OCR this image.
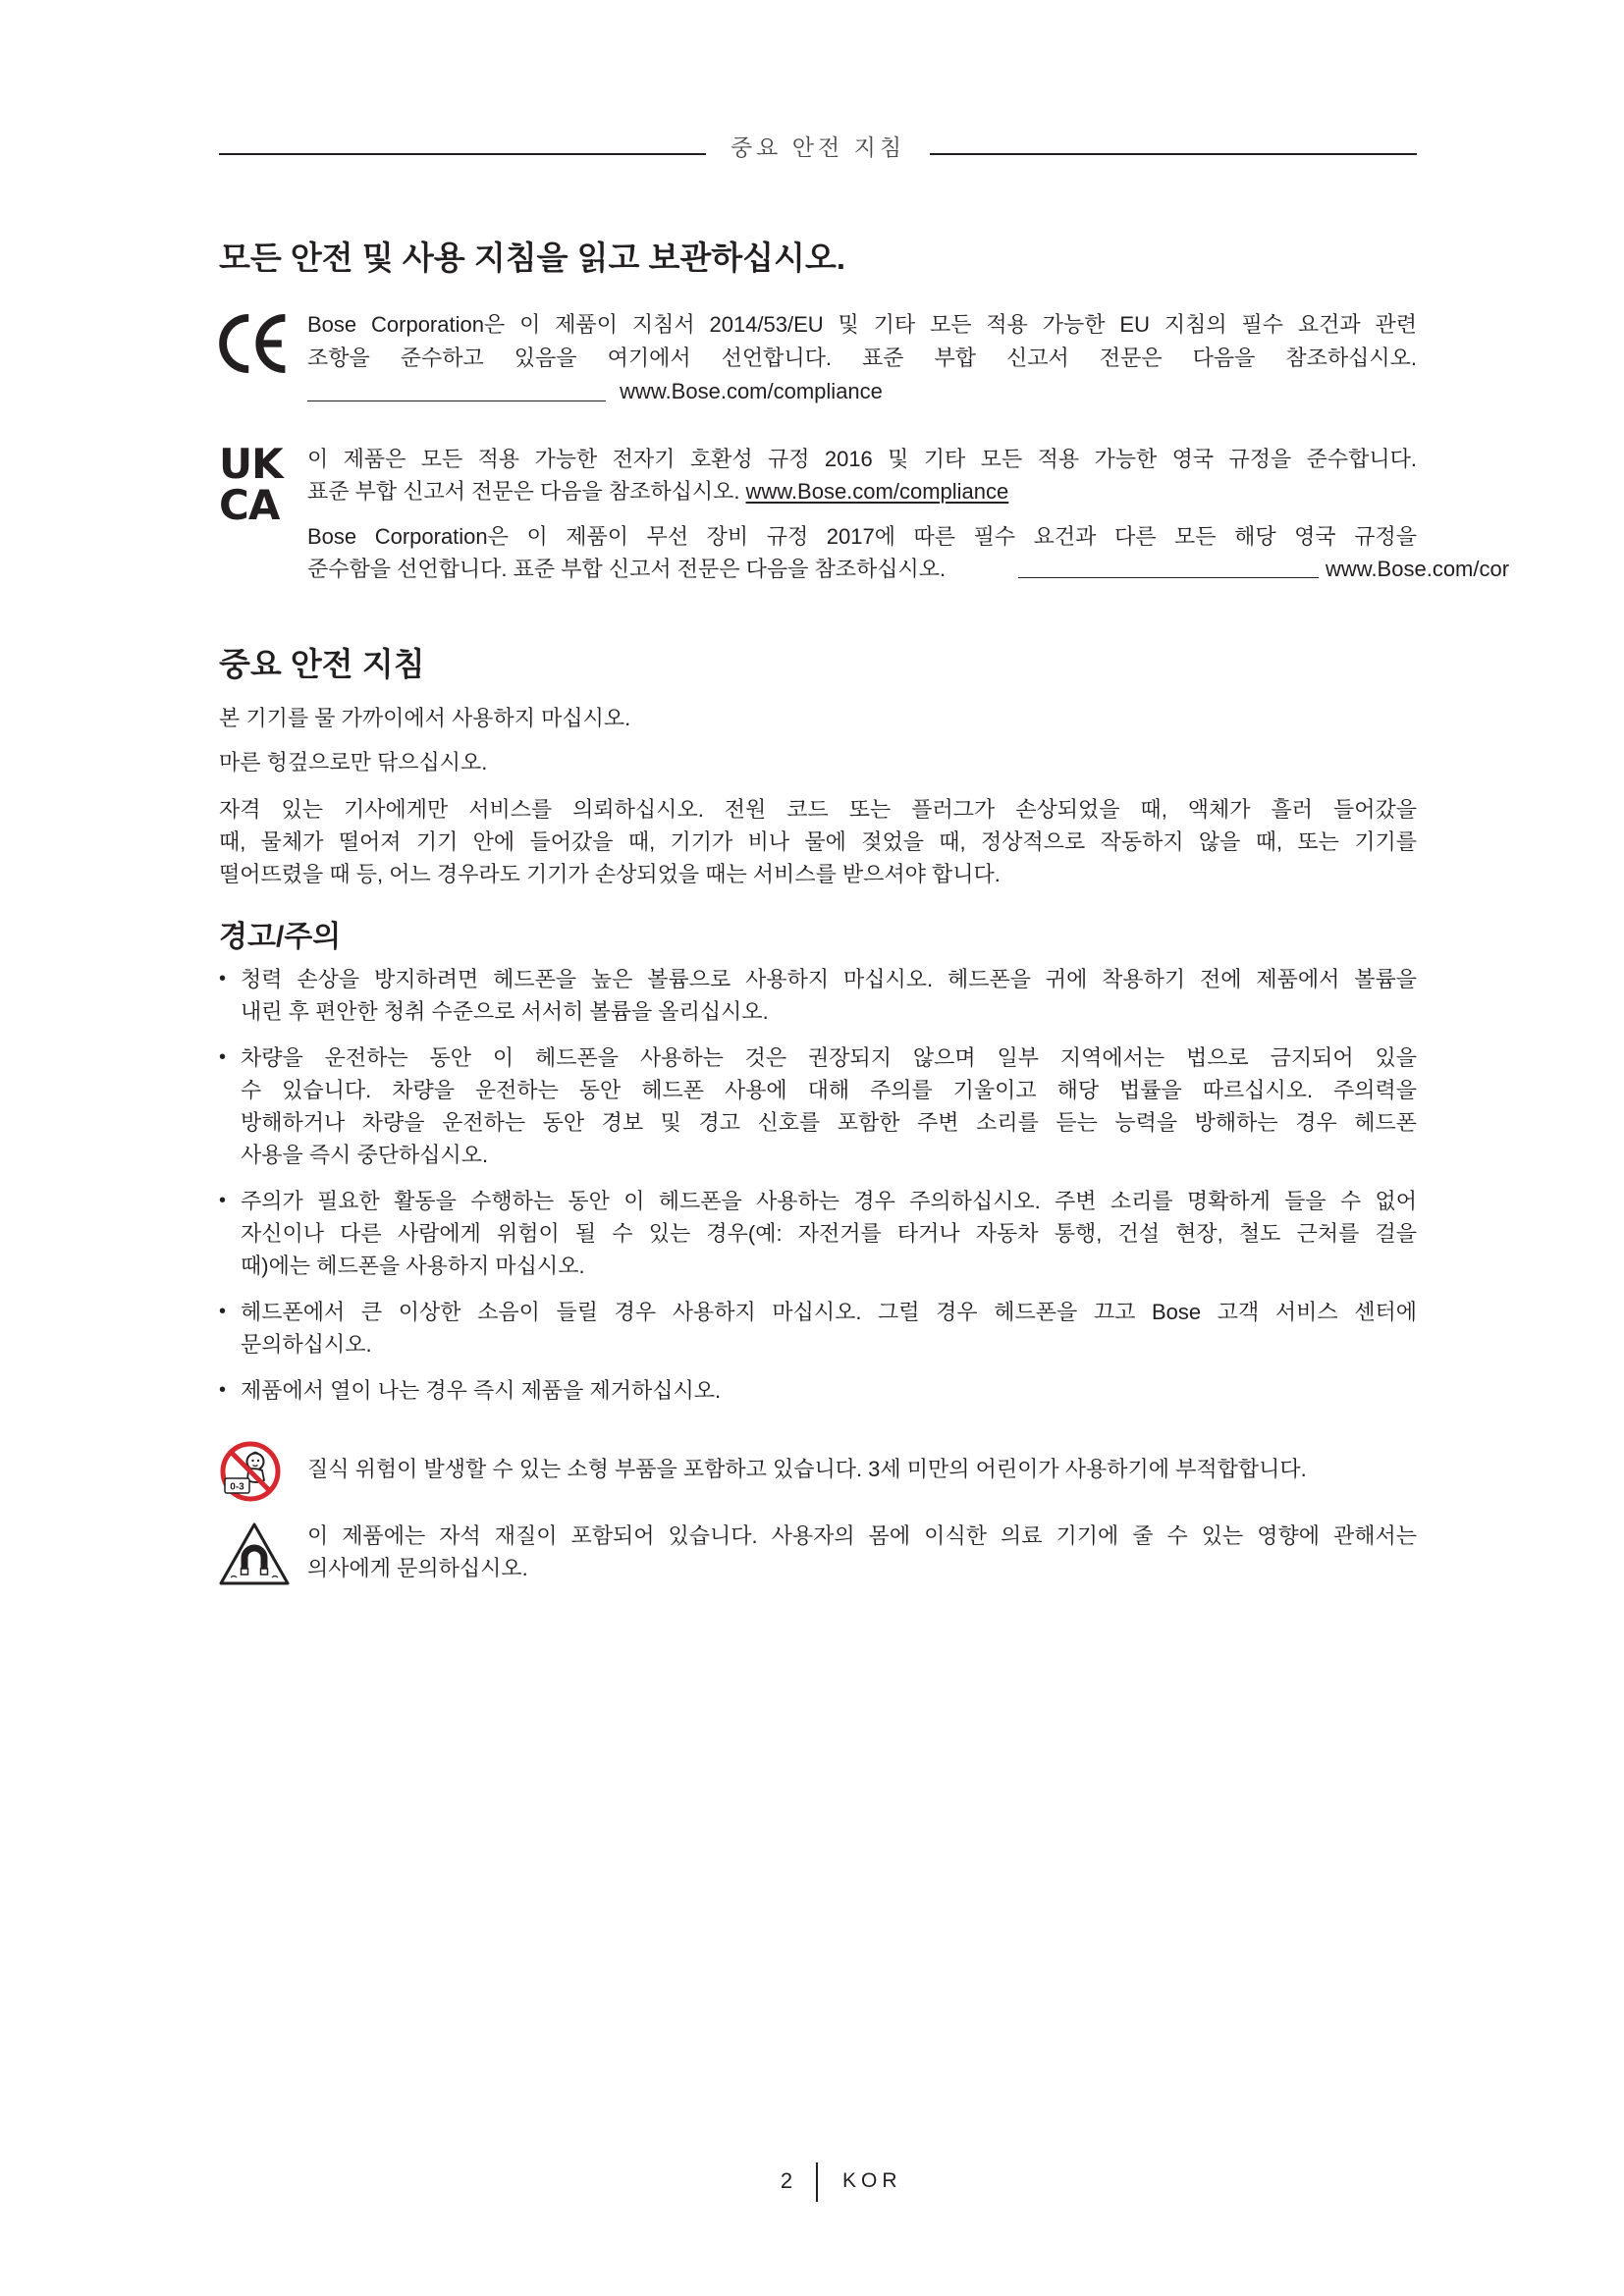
중요 안전 지침
모든 안전 및 사용 지침을 읽고 보관하십시오.
Bose Corporation은 이 제품이 지침서 2014/53/EU 및 기타 모든 적용 가능한 EU 지침의 필수 요건과 관련
조항을 준수하고 있음을 여기에서 선언합니다. 표준 부합 신고서 전문은 다음을 참조하십시오.
www.Bose.com/compliance
UK
CA
이 제품은 모든 적용 가능한 전자기 호환성 규정 2016 및 기타 모든 적용 가능한 영국 규정을 준수합니다.
표준 부합 신고서 전문은 다음을 참조하십시오. www.Bose.com/compliance
Bose Corporation은 이 제품이 무선 장비 규정 2017에 따른 필수 요건과 다른 모든 해당 영국 규정을
준수함을 선언합니다. 표준 부합 신고서 전문은 다음을 참조하십시오.	www.Bose.com/cor
중요 안전 지침
본 기기를 물 가까이에서 사용하지 마십시오.
마른 헝겊으로만 닦으십시오.
자격 있는 기사에게만 서비스를 의뢰하십시오. 전원 코드 또는 플러그가 손상되었을 때, 액체가 흘러 들어갔을
때, 물체가 떨어져 기기 안에 들어갔을 때, 기기가 비나 물에 젖었을 때, 정상적으로 작동하지 않을 때, 또는 기기를
떨어뜨렸을 때 등, 어느 경우라도 기기가 손상되었을 때는 서비스를 받으셔야 합니다.
경고/주의
• 청력 손상을 방지하려면 헤드폰을 높은 볼륨으로 사용하지 마십시오. 헤드폰을 귀에 착용하기 전에 제품에서 볼륨을
내린 후 편안한 청취 수준으로 서서히 볼륨을 올리십시오.
• 차량을 운전하는 동안 이 헤드폰을 사용하는 것은 권장되지 않으며 일부 지역에서는 법으로 금지되어 있을
수 있습니다. 차량을 운전하는 동안 헤드폰 사용에 대해 주의를 기울이고 해당 법률을 따르십시오. 주의력을
방해하거나 차량을 운전하는 동안 경보 및 경고 신호를 포함한 주변 소리를 듣는 능력을 방해하는 경우 헤드폰
사용을 즉시 중단하십시오.
• 주의가 필요한 활동을 수행하는 동안 이 헤드폰을 사용하는 경우 주의하십시오. 주변 소리를 명확하게 들을 수 없어
자신이나 다른 사람에게 위험이 될 수 있는 경우(예: 자전거를 타거나 자동차 통행, 건설 현장, 철도 근처를 걸을
때)에는 헤드폰을 사용하지 마십시오.
• 헤드폰에서 큰 이상한 소음이 들릴 경우 사용하지 마십시오. 그럴 경우 헤드폰을 끄고 Bose 고객 서비스 센터에
문의하십시오.
• 제품에서 열이 나는 경우 즉시 제품을 제거하십시오.
0-3
질식 위험이 발생할 수 있는 소형 부품을 포함하고 있습니다. 3세 미만의 어린이가 사용하기에 부적합합니다.
이 제품에는 자석 재질이 포함되어 있습니다. 사용자의 몸에 이식한 의료 기기에 줄 수 있는 영향에 관해서는
의사에게 문의하십시오.
2 KOR
